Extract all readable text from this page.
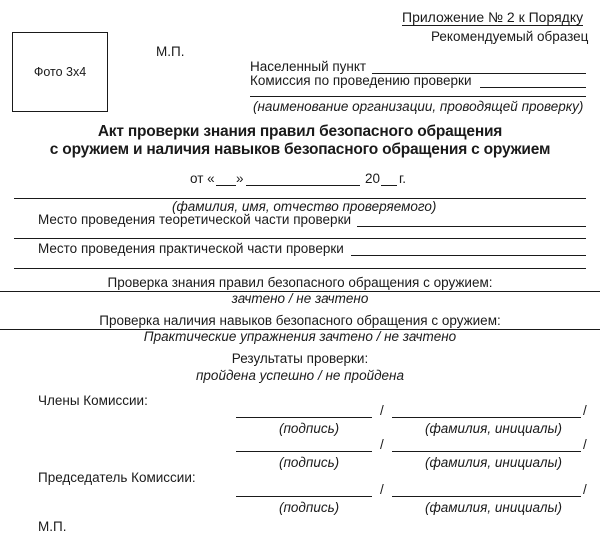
Приложение № 2 к Порядку
Рекомендуемый образец
Фото 3х4
М.П.
Населенный пункт
Комиссия по проведению проверки
(наименование организации, проводящей проверку)
Акт проверки знания правил безопасного обращения
с оружием и наличия навыков безопасного обращения с оружием
от « »	20 г.
(фамилия, имя, отчество проверяемого)
Место проведения теоретической части проверки
Место проведения практической части проверки
Проверка знания правил безопасного обращения с оружием:
зачтено / не зачтено
Проверка наличия навыков безопасного обращения с оружием:
Практические упражнения зачтено / не зачтено
Результаты проверки:
пройдена успешно / не пройдена
Члены Комиссии:
/	/
(подпись)	(фамилия, инициалы)
/	/
(подпись)	(фамилия, инициалы)
Председатель Комиссии:
/	/
(подпись)	(фамилия, инициалы)
М.П.
